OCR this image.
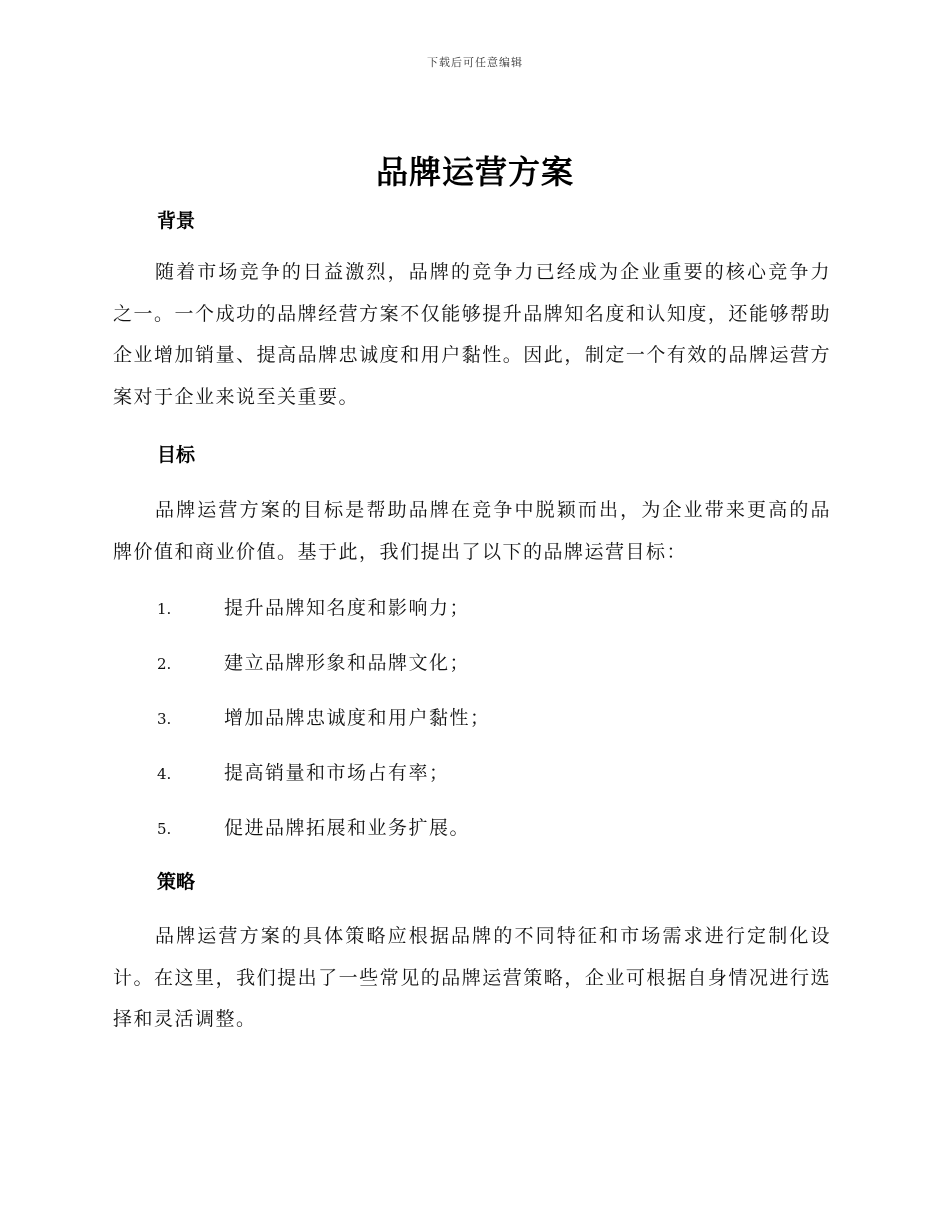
下载后可任意编辑
品牌运营方案
背景

随着市场竞争的日益激烈，品牌的竞争力已经成为企业重要的核心竞争力之一。一个成功的品牌经营方案不仅能够提升品牌知名度和认知度，还能够帮助企业增加销量、提高品牌忠诚度和用户黏性。因此，制定一个有效的品牌运营方案对于企业来说至关重要。

目标

品牌运营方案的目标是帮助品牌在竞争中脱颖而出，为企业带来更高的品牌价值和商业价值。基于此，我们提出了以下的品牌运营目标：

1.	提升品牌知名度和影响力；
2.	建立品牌形象和品牌文化；
3.	增加品牌忠诚度和用户黏性；
4.	提高销量和市场占有率；
5.	促进品牌拓展和业务扩展。
策略

品牌运营方案的具体策略应根据品牌的不同特征和市场需求进行定制化设计。在这里，我们提出了一些常见的品牌运营策略，企业可根据自身情况进行选择和灵活调整。
